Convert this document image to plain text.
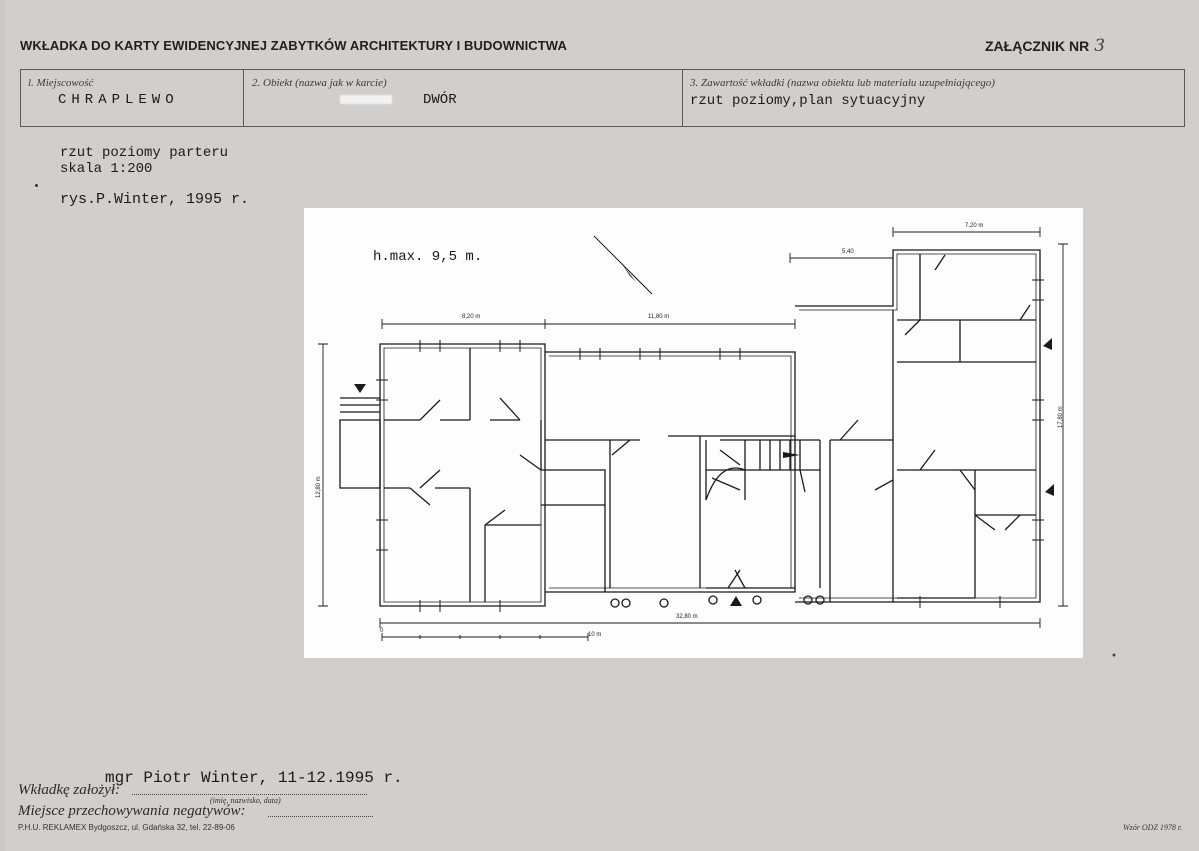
WKŁADKA DO KARTY EWIDENCYJNEJ ZABYTKÓW ARCHITEKTURY I BUDOWNICTWA	ZAŁĄCZNIK NR 3
l. Miejscowość
CHRAPLEWO
2. Obiekt (nazwa jak w karcie)
DWÓR
3. Zawartość wkładki (nazwa obiektu lub materiału uzupełniającego)
rzut poziomy,plan sytuacyjny
rzut poziomy parteru
skala 1:200
rys.P.Winter, 1995 r.
h.max. 9,5 m.
8,20 m	11,80 m
5,40
7,20 m
12,80 m
17,80 m
32,80 m
0
10 m
mgr Piotr Winter, 11-12.1995 r.
Wkładkę założył:
(imię, nazwisko, data)
Miejsce przechowywania negatywów:
P.H.U. REKLAMEX Bydgoszcz, ul. Gdańska 32, tel. 22-89-06	Wzór ODZ 1978 r.
